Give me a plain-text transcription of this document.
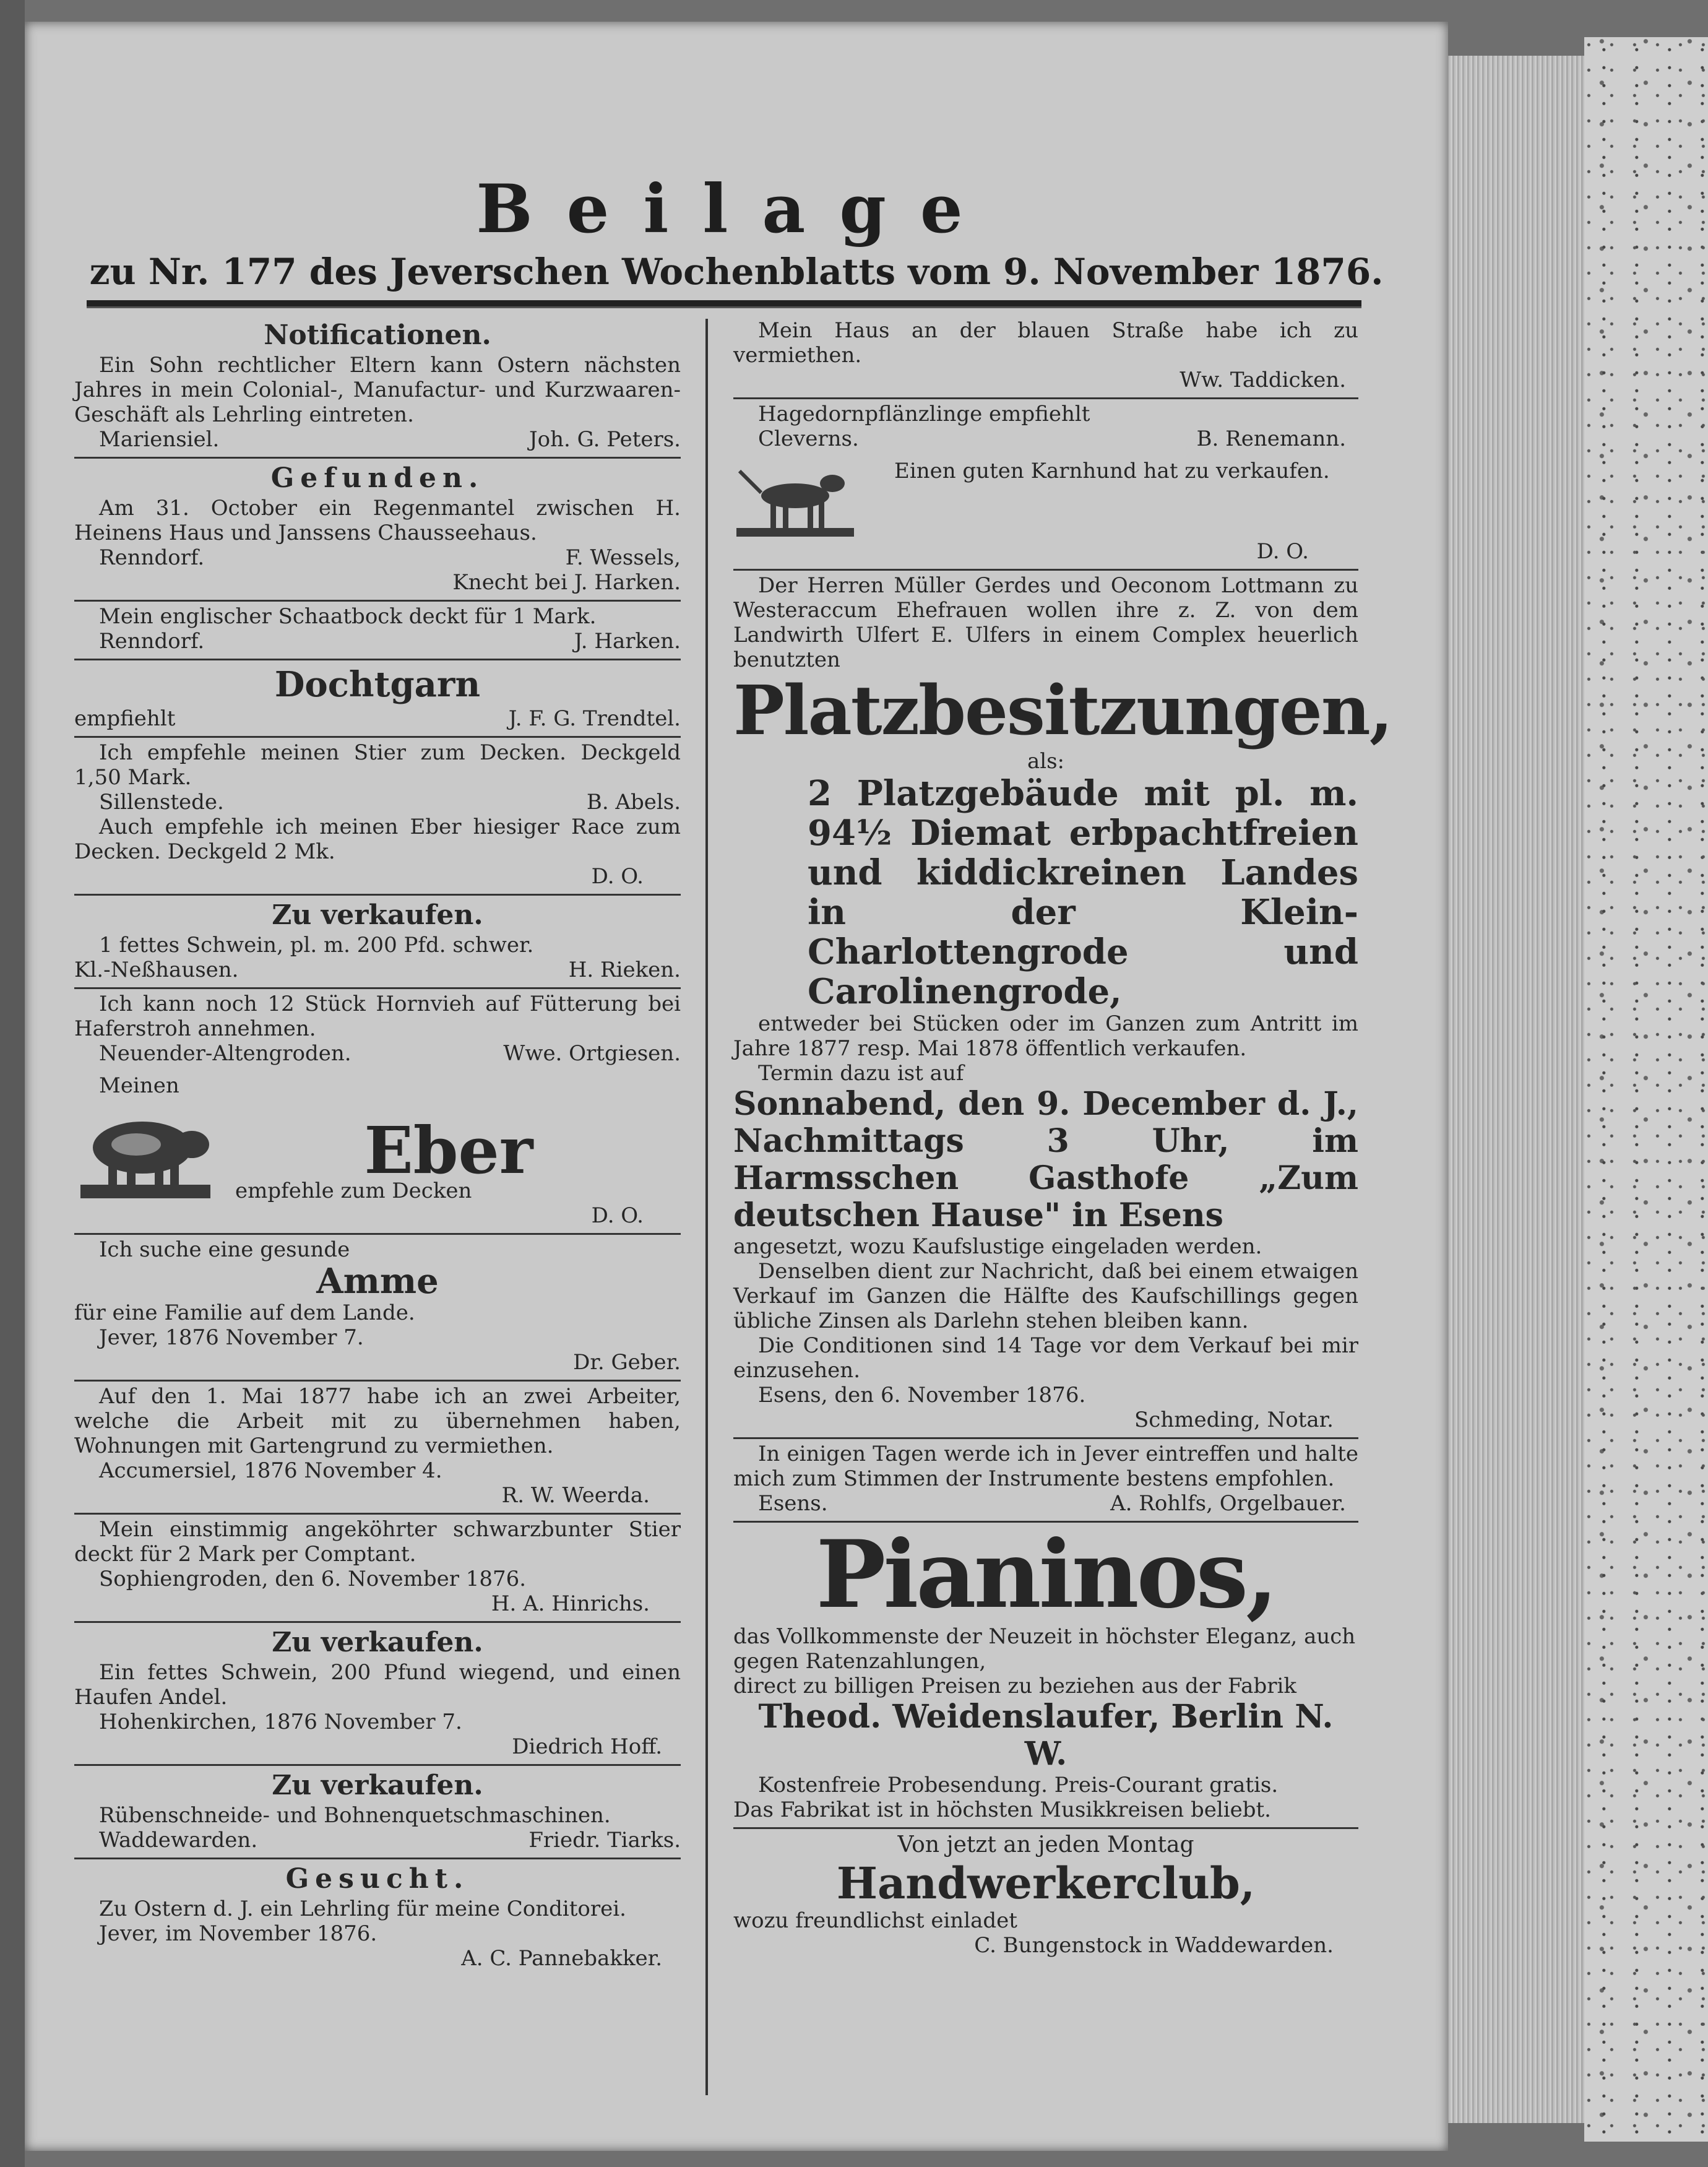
Beilage
zu Nr. 177 des Jeverschen Wochenblatts vom 9. November 1876.
Notificationen.
Ein Sohn rechtlicher Eltern kann Ostern nächsten Jahres in mein Colonial-, Manufactur- und Kurzwaaren-Geschäft als Lehrling eintreten.
Mariensiel.	Joh. G. Peters.
Gefunden.
Am 31. October ein Regenmantel zwischen H. Heinens Haus und Janssens Chausseehaus.
Renndorf.	F. Wessels,
Knecht bei J. Harken.
Mein englischer Schaatbock deckt für 1 Mark.
Renndorf.	J. Harken.
Dochtgarn
empfiehlt	J. F. G. Trendtel.
Ich empfehle meinen Stier zum Decken. Deckgeld 1,50 Mark.
Sillenstede.	B. Abels.
Auch empfehle ich meinen Eber hiesiger Race zum Decken. Deckgeld 2 Mk.
D. O.
Zu verkaufen.
1 fettes Schwein, pl. m. 200 Pfd. schwer.
Kl.-Neßhausen.	H. Rieken.
Ich kann noch 12 Stück Hornvieh auf Fütterung bei Haferstroh annehmen.
Neuender-Altengroden.	Wwe. Ortgiesen.
Meinen
Eber
empfehle zum Decken
D. O.
Ich suche eine gesunde
Amme
für eine Familie auf dem Lande.
Jever, 1876 November 7.
Dr. Geber.
Auf den 1. Mai 1877 habe ich an zwei Arbeiter, welche die Arbeit mit zu übernehmen haben, Wohnungen mit Gartengrund zu vermiethen.
Accumersiel, 1876 November 4.
R. W. Weerda.
Mein einstimmig angeköhrter schwarzbunter Stier deckt für 2 Mark per Comptant.
Sophiengroden, den 6. November 1876.
H. A. Hinrichs.
Zu verkaufen.
Ein fettes Schwein, 200 Pfund wiegend, und einen Haufen Andel.
Hohenkirchen, 1876 November 7.
Diedrich Hoff.
Zu verkaufen.
Rübenschneide- und Bohnenquetschmaschinen.
Waddewarden.	Friedr. Tiarks.
Gesucht.
Zu Ostern d. J. ein Lehrling für meine Conditorei.
Jever, im November 1876.
A. C. Pannebakker.
Mein Haus an der blauen Straße habe ich zu vermiethen.
Ww. Taddicken.
Hagedornpflänzlinge empfiehlt
Cleverns.	B. Renemann.
Einen guten Karnhund hat zu verkaufen.
D. O.
Der Herren Müller Gerdes und Oeconom Lottmann zu Westeraccum Ehefrauen wollen ihre z. Z. von dem Landwirth Ulfert E. Ulfers in einem Complex heuerlich benutzten
Platzbesitzungen,
als:
2 Platzgebäude mit pl. m. 94½ Diemat erbpachtfreien und kiddickreinen Landes in der Klein-Charlottengrode und Carolinengrode,
entweder bei Stücken oder im Ganzen zum Antritt im Jahre 1877 resp. Mai 1878 öffentlich verkaufen.
Termin dazu ist auf
Sonnabend, den 9. December d. J., Nachmittags 3 Uhr, im Harmsschen Gasthofe „Zum deutschen Hause" in Esens
angesetzt, wozu Kaufslustige eingeladen werden.
Denselben dient zur Nachricht, daß bei einem etwaigen Verkauf im Ganzen die Hälfte des Kaufschillings gegen übliche Zinsen als Darlehn stehen bleiben kann.
Die Conditionen sind 14 Tage vor dem Verkauf bei mir einzusehen.
Esens, den 6. November 1876.
Schmeding, Notar.
In einigen Tagen werde ich in Jever eintreffen und halte mich zum Stimmen der Instrumente bestens empfohlen.
Esens.	A. Rohlfs, Orgelbauer.
Pianinos,
das Vollkommenste der Neuzeit in höchster Eleganz, auch gegen Ratenzahlungen,
direct zu billigen Preisen zu beziehen aus der Fabrik
Theod. Weidenslaufer, Berlin N. W.
Kostenfreie Probesendung. Preis-Courant gratis.
Das Fabrikat ist in höchsten Musikkreisen beliebt.
Von jetzt an jeden Montag
Handwerkerclub,
wozu freundlichst einladet
C. Bungenstock in Waddewarden.
